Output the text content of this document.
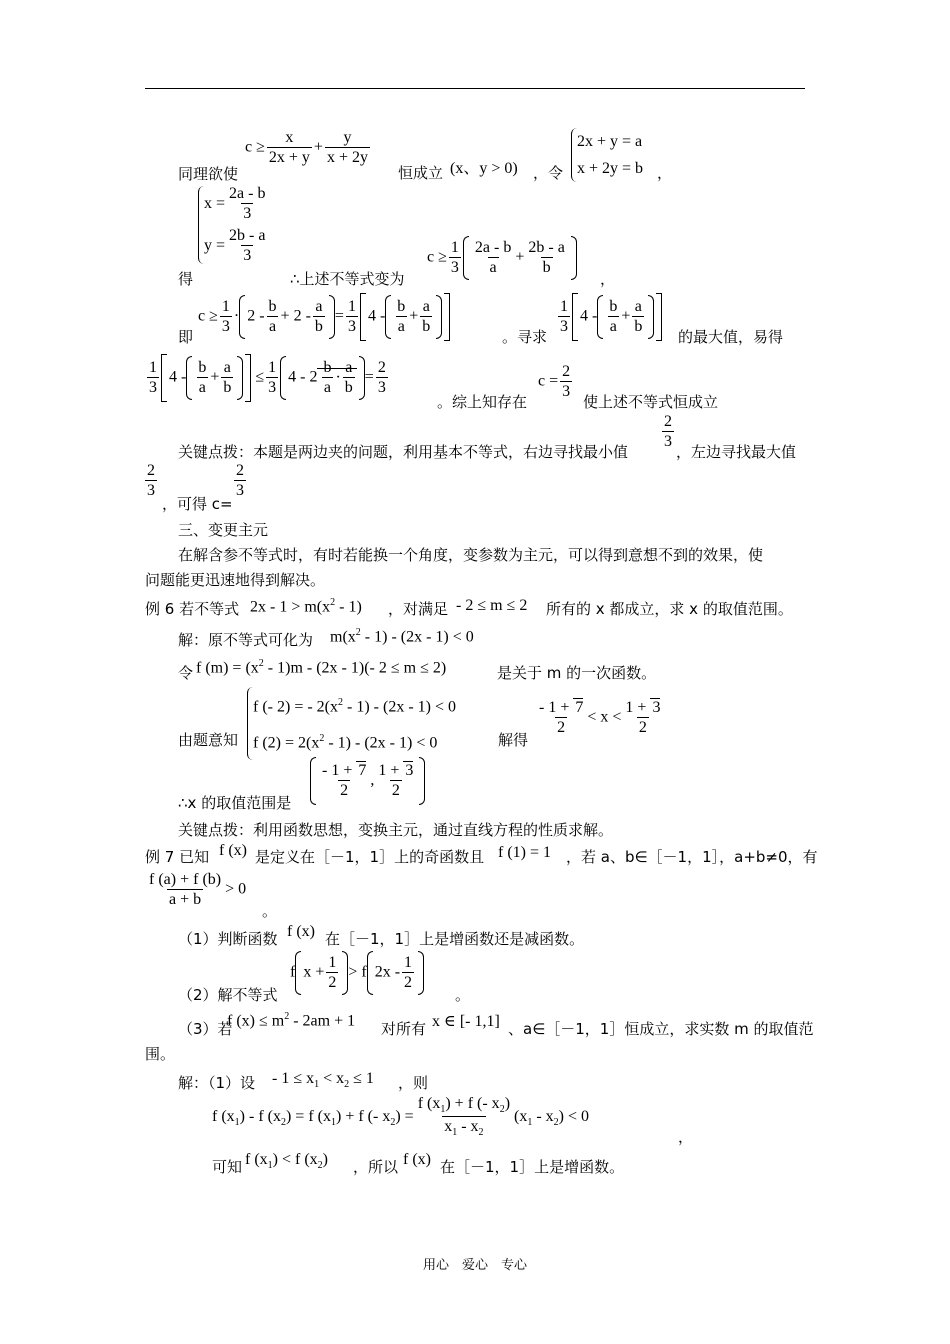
同理欲使
$c \ge \frac{x}{2x + y} + \frac{y}{x + 2y}$
恒成立 (x、y > 0) ，令
2x + y = a
x + 2y = b ，
$x = \frac{2a - b}{3}$
$y = \frac{2b - a}{3}$
得	∴上述不等式变为
$c \ge \frac{1}{3} \frac{2a - b}{a} + \frac{2b - a}{b}$
，
即
$c \ge \frac{1}{3} \cdot 2 - \frac{b}{a} + 2 - \frac{a}{b} = \frac{1}{3} 4 - \frac{b}{a} + \frac{a}{b}$
。寻求
$\frac{1}{3} 4 - \frac{b}{a} + \frac{a}{b}$
的最大值，易得
$\frac{1}{3} 4 - \frac{b}{a} + \frac{a}{b} \le \frac{1}{3} 4 - 2 \frac{b}{a} \cdot \frac{a}{b} = \frac{2}{3}$
。综上知存在
$c = \frac{2}{3}$
使上述不等式恒成立
关键点拨：本题是两边夹的问题，利用基本不等式，右边寻找最小值
$\frac{2}{3}$
，左边寻找最大值
$\frac{2}{3}$
，可得 c=
$\frac{2}{3}$
三、变更主元
在解含参不等式时，有时若能换一个角度，变参数为主元，可以得到意想不到的效果，使
问题能更迅速地得到解决。
例 6 若不等式 $2x - 1 > m(x^2 - 1)$ ，对满足 - 2 ≤ m ≤ 2 所有的 x 都成立，求 x 的取值范围。
解：原不等式可化为 $m(x^2 - 1) - (2x - 1) < 0$
令 f $(m) = (x^2 - 1)m - (2x - 1)(-$ 2 ≤ m ≤ 2)	是关于 m 的一次函数。
f (- 2) = - $2(x^2 - 1) - (2x - 1) < 0$
f $(2) = 2(x^2 - 1) - (2x - 1) < 0$
由题意知	解得
$\frac{- 1 + 7}{2} < x < \frac{1 + 3}{2}$
$\frac{- 1 + 7}{2}$ , $\frac{1 + 3}{2}$
∴x 的取值范围是
关键点拨：利用函数思想，变换主元，通过直线方程的性质求解。
例 7 已知 f (x) 是定义在［－1，1］上的奇函数且 f (1) = 1 ，若 a、b∈［－1，1］，a+b≠0，有
$\frac{f (a) + f (b)}{a + b} > 0$
。
（1）判断函数 f (x) 在［－1，1］上是增函数还是减函数。
f $x + \frac{1}{2} > f$ $2x - \frac{1}{2}$
（2）解不等式	。
（3）若
f $(x) \le m^2 - 2am + 1$ 对所有 x ∈ [- 1,1] 、a∈［－1，1］恒成立，求实数 m 的取值范
围。
解：（1）设 - $1 \le x_1 < x_2 \le 1$ ，则
f $(x_1)$ - f $(x_2) = f$ $(x_1) + f$ (- $x_2) = \frac{f (x_1) + f (- x_2)}{x_1 - x_2} (x_1 - x_2) < 0$
，
可知 f $(x_1) < f$ $(x_2)$ ，所以 f (x) 在［－1，1］上是增函数。
用心　爱心　专心
